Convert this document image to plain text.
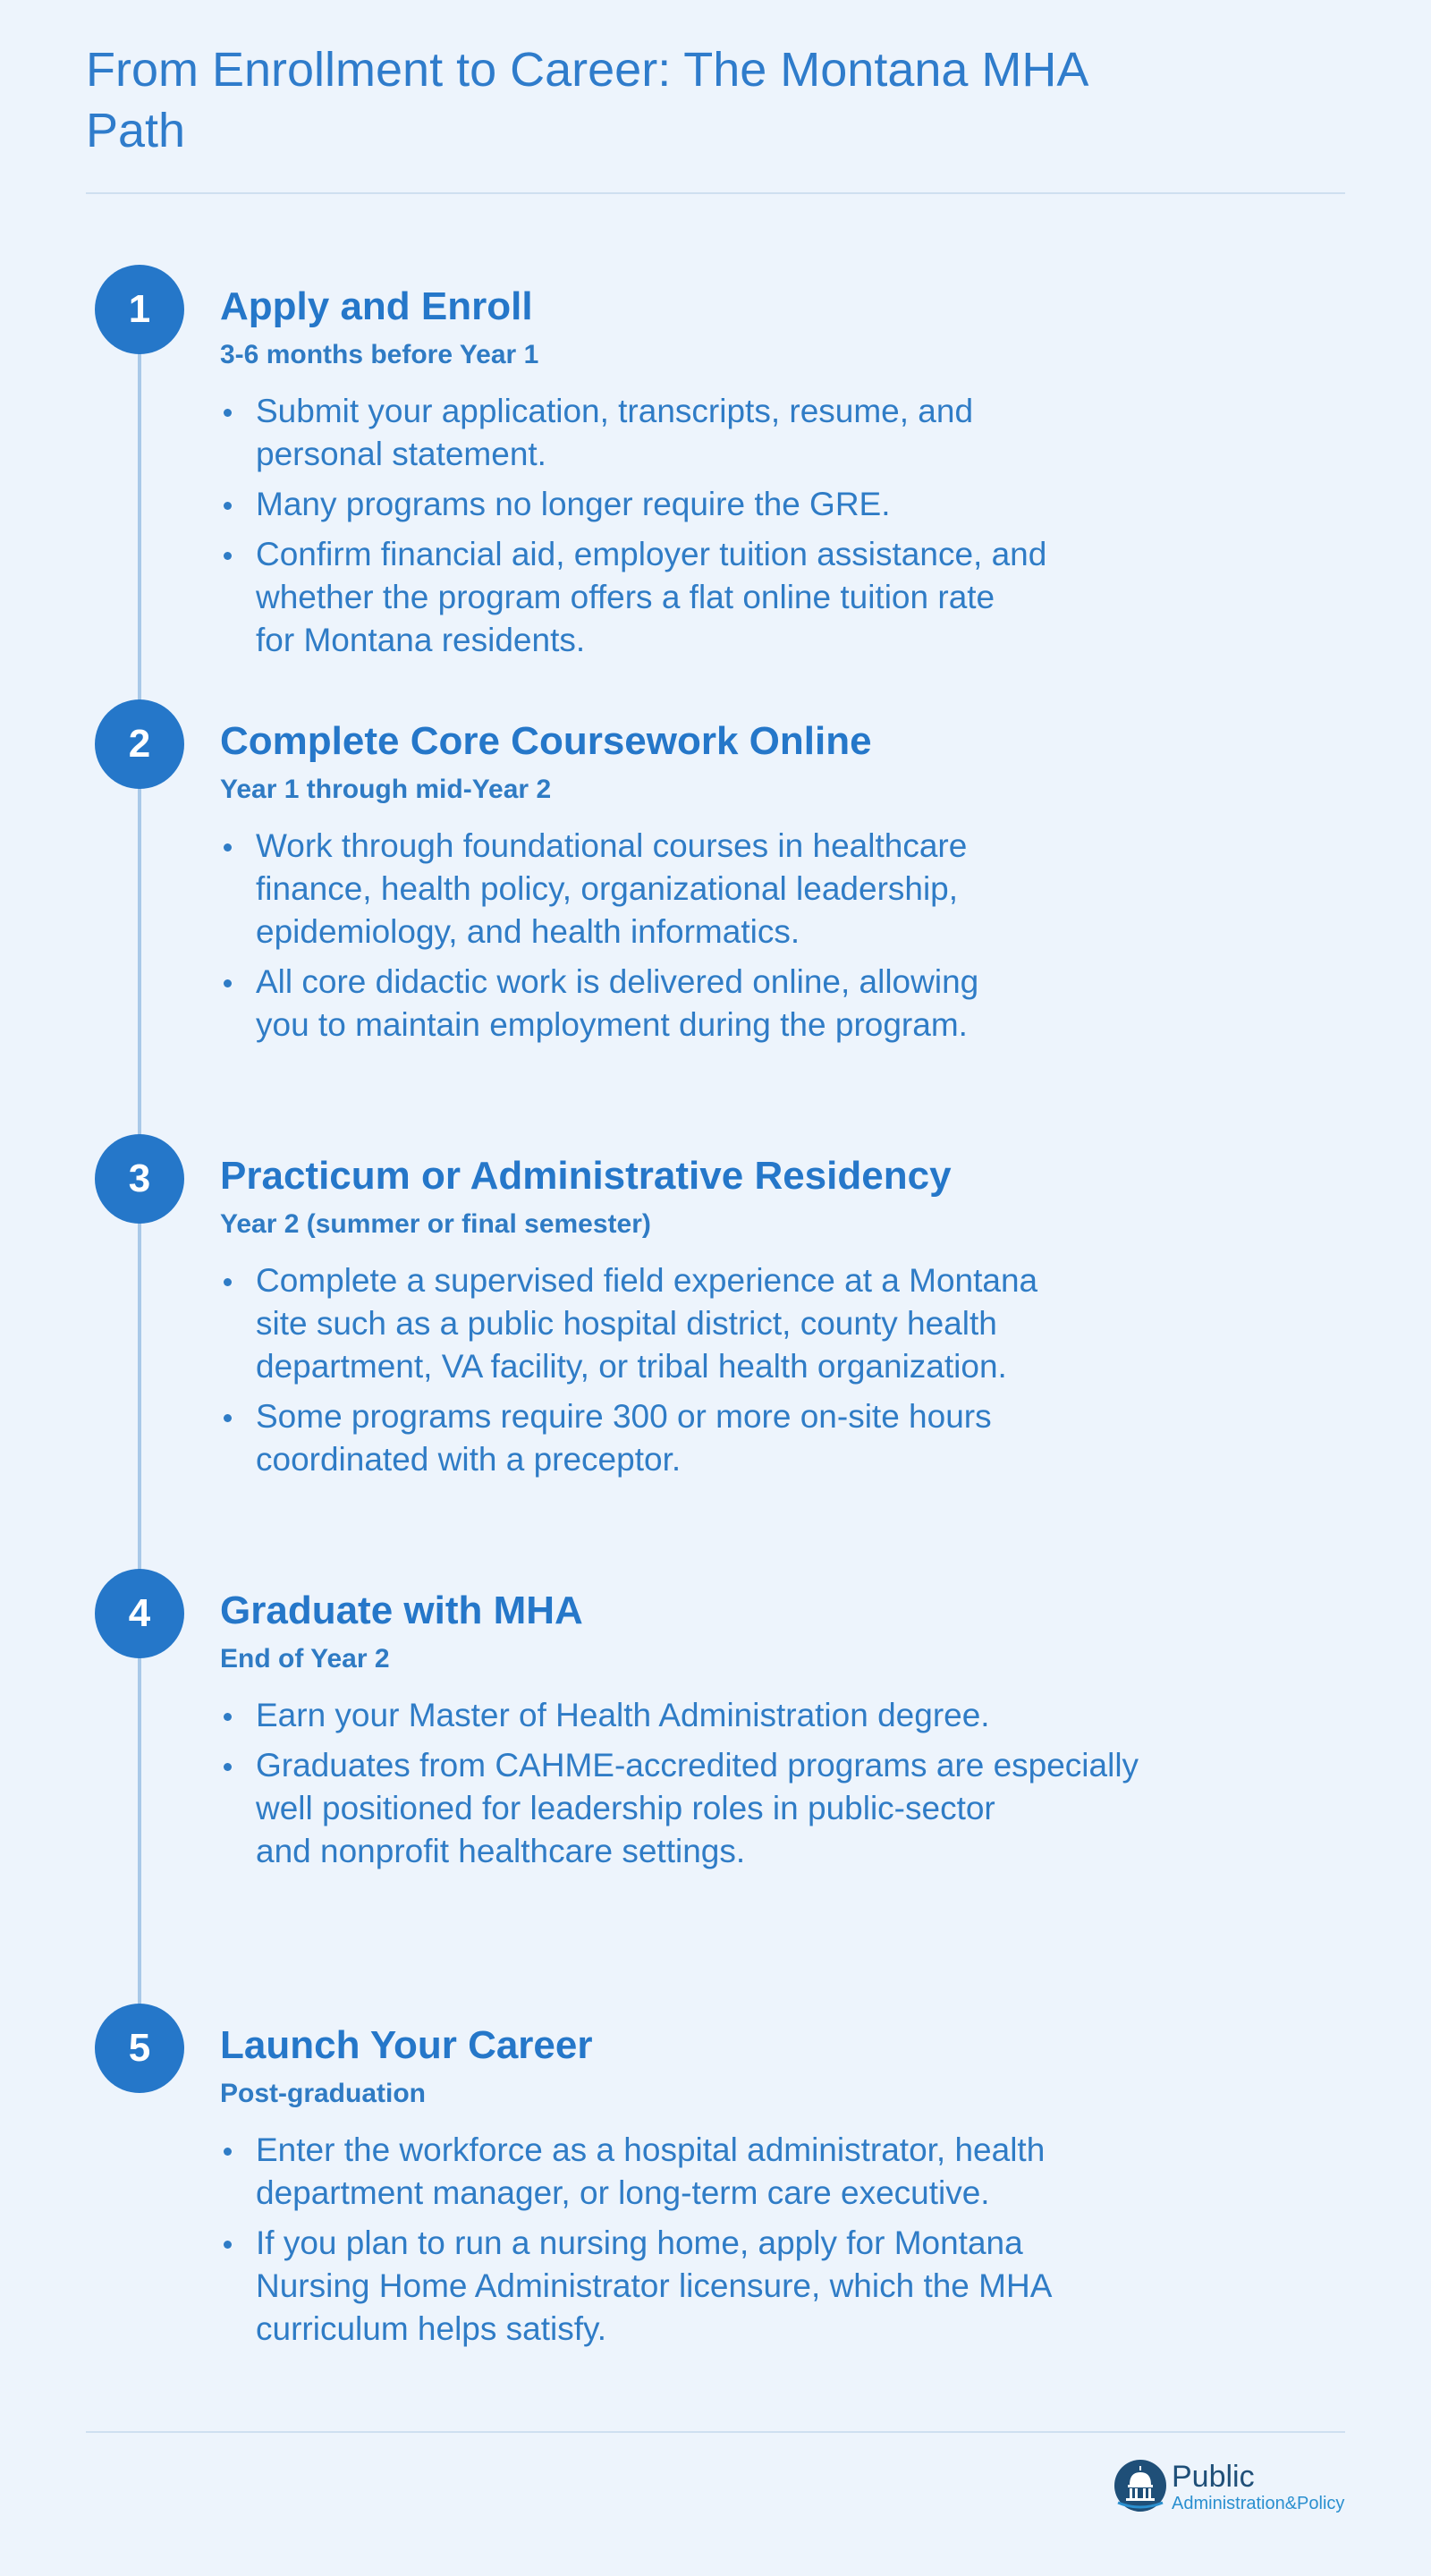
From Enrollment to Career: The Montana MHA Path
1	Apply and Enroll
3-6 months before Year 1
Submit your application, transcripts, resume, and
personal statement.
Many programs no longer require the GRE.
Confirm financial aid, employer tuition assistance, and
whether the program offers a flat online tuition rate
for Montana residents.
2	Complete Core Coursework Online
Year 1 through mid-Year 2
Work through foundational courses in healthcare
finance, health policy, organizational leadership,
epidemiology, and health informatics.
All core didactic work is delivered online, allowing
you to maintain employment during the program.
3	Practicum or Administrative Residency
Year 2 (summer or final semester)
Complete a supervised field experience at a Montana
site such as a public hospital district, county health
department, VA facility, or tribal health organization.
Some programs require 300 or more on-site hours
coordinated with a preceptor.
4	Graduate with MHA
End of Year 2
Earn your Master of Health Administration degree.
Graduates from CAHME-accredited programs are especially
well positioned for leadership roles in public-sector
and nonprofit healthcare settings.
5	Launch Your Career
Post-graduation
Enter the workforce as a hospital administrator, health
department manager, or long-term care executive.
If you plan to run a nursing home, apply for Montana
Nursing Home Administrator licensure, which the MHA
curriculum helps satisfy.
Public
Administration&Policy
